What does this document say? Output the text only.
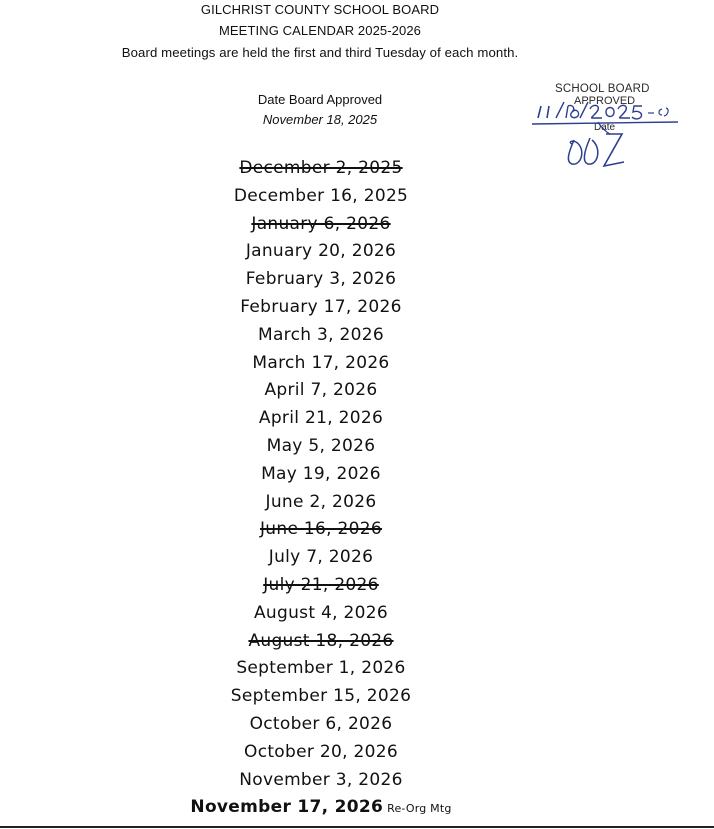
GILCHRIST COUNTY SCHOOL BOARD
MEETING CALENDAR 2025-2026
Board meetings are held the first and third Tuesday of each month.
Date Board Approved
November 18, 2025
SCHOOL BOARD
APPROVED
Date
December 2, 2025
December 16, 2025
January 6, 2026
January 20, 2026
February 3, 2026
February 17, 2026
March 3, 2026
March 17, 2026
April 7, 2026
April 21, 2026
May 5, 2026
May 19, 2026
June 2, 2026
June 16, 2026
July 7, 2026
July 21, 2026
August 4, 2026
August 18, 2026
September 1, 2026
September 15, 2026
October 6, 2026
October 20, 2026
November 3, 2026
November 17, 2026 Re-Org Mtg
